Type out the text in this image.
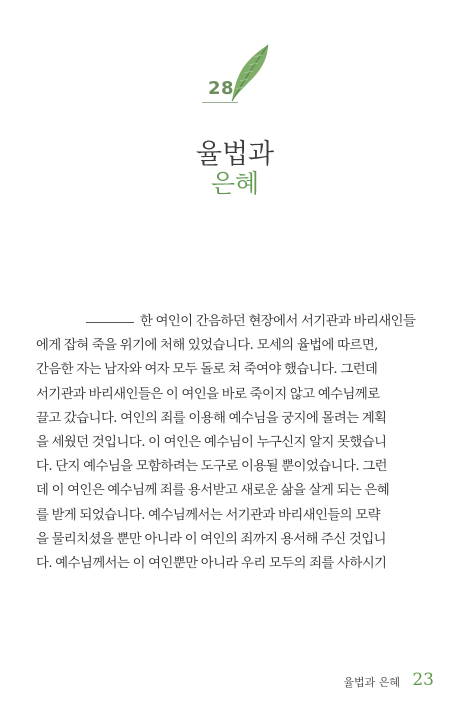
28
율법과
은혜
한 여인이 간음하던 현장에서 서기관과 바리새인들
에게 잡혀 죽을 위기에 처해 있었습니다. 모세의 율법에 따르면,
간음한 자는 남자와 여자 모두 돌로 쳐 죽여야 했습니다. 그런데
서기관과 바리새인들은 이 여인을 바로 죽이지 않고 예수님께로
끌고 갔습니다. 여인의 죄를 이용해 예수님을 궁지에 몰려는 계획
을 세웠던 것입니다. 이 여인은 예수님이 누구신지 알지 못했습니
다. 단지 예수님을 모함하려는 도구로 이용될 뿐이었습니다. 그런
데 이 여인은 예수님께 죄를 용서받고 새로운 삶을 살게 되는 은혜
를 받게 되었습니다. 예수님께서는 서기관과 바리새인들의 모략
을 물리치셨을 뿐만 아니라 이 여인의 죄까지 용서해 주신 것입니
다. 예수님께서는 이 여인뿐만 아니라 우리 모두의 죄를 사하시기
율법과 은혜 23
